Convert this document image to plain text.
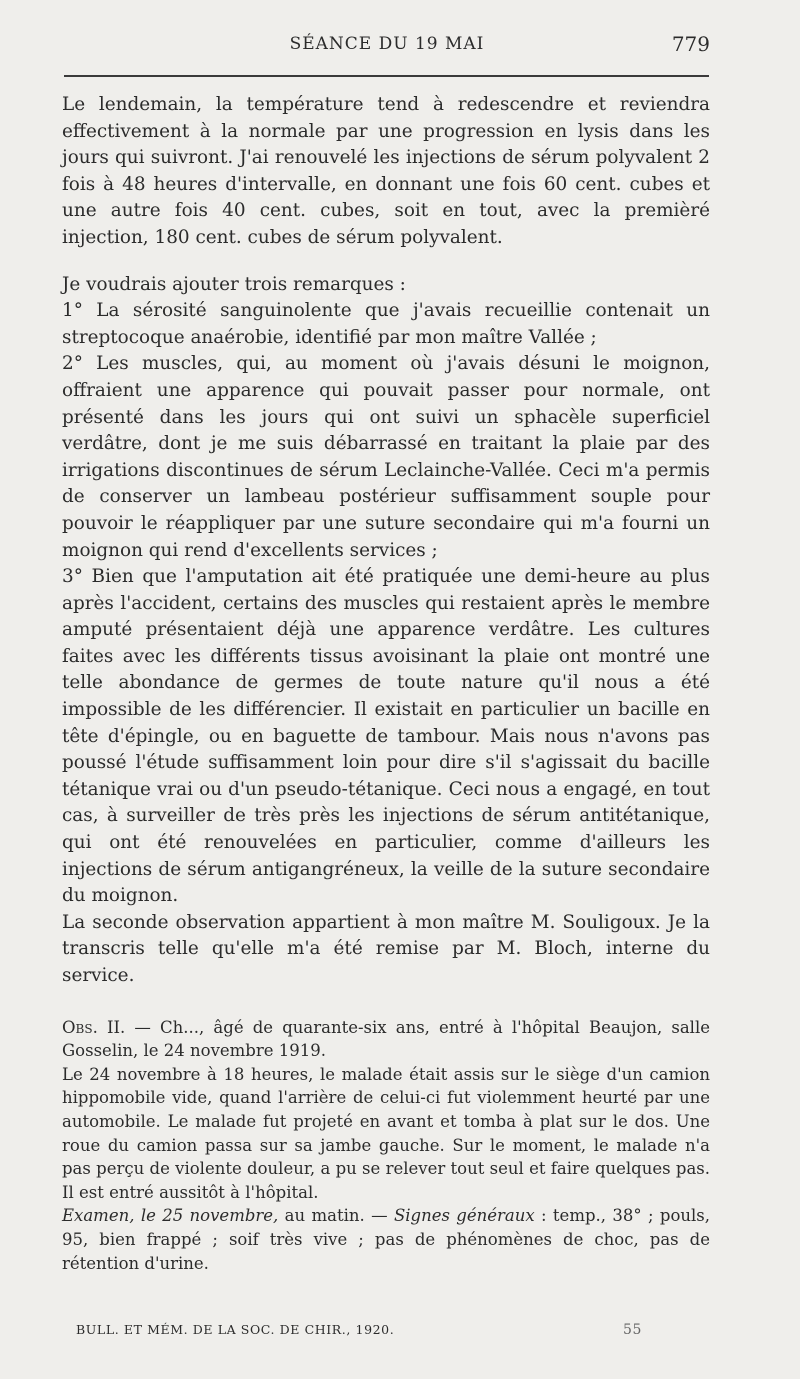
SÉANCE DU 19 MAI	779

Le lendemain, la température tend à redescendre et reviendra effectivement à la normale par une progression en lysis dans les jours qui suivront. J'ai renouvelé les injections de sérum polyvalent 2 fois à 48 heures d'intervalle, en donnant une fois 60 cent. cubes et une autre fois 40 cent. cubes, soit en tout, avec la premièré injection, 180 cent. cubes de sérum polyvalent.

Je voudrais ajouter trois remarques :

1° La sérosité sanguinolente que j'avais recueillie contenait un streptocoque anaérobie, identifié par mon maître Vallée ;

2° Les muscles, qui, au moment où j'avais désuni le moignon, offraient une apparence qui pouvait passer pour normale, ont présenté dans les jours qui ont suivi un sphacèle superficiel verdâtre, dont je me suis débarrassé en traitant la plaie par des irrigations discontinues de sérum Leclainche-Vallée. Ceci m'a permis de conserver un lambeau postérieur suffisamment souple pour pouvoir le réappliquer par une suture secondaire qui m'a fourni un moignon qui rend d'excellents services ;

3° Bien que l'amputation ait été pratiquée une demi-heure au plus après l'accident, certains des muscles qui restaient après le membre amputé présentaient déjà une apparence verdâtre. Les cultures faites avec les différents tissus avoisinant la plaie ont montré une telle abondance de germes de toute nature qu'il nous a été impossible de les différencier. Il existait en particulier un bacille en tête d'épingle, ou en baguette de tambour. Mais nous n'avons pas poussé l'étude suffisamment loin pour dire s'il s'agissait du bacille tétanique vrai ou d'un pseudo-tétanique. Ceci nous a engagé, en tout cas, à surveiller de très près les injections de sérum antitétanique, qui ont été renouvelées en particulier, comme d'ailleurs les injections de sérum antigangréneux, la veille de la suture secondaire du moignon.

La seconde observation appartient à mon maître M. Souligoux. Je la transcris telle qu'elle m'a été remise par M. Bloch, interne du service.

Obs. II. — Ch..., âgé de quarante-six ans, entré à l'hôpital Beaujon, salle Gosselin, le 24 novembre 1919.

Le 24 novembre à 18 heures, le malade était assis sur le siège d'un camion hippomobile vide, quand l'arrière de celui-ci fut violemment heurté par une automobile. Le malade fut projeté en avant et tomba à plat sur le dos. Une roue du camion passa sur sa jambe gauche. Sur le moment, le malade n'a pas perçu de violente douleur, a pu se relever tout seul et faire quelques pas. Il est entré aussitôt à l'hôpital.

Examen, le 25 novembre, au matin. — Signes généraux : temp., 38° ; pouls, 95, bien frappé ; soif très vive ; pas de phénomènes de choc, pas de rétention d'urine.

BULL. ET MÉM. DE LA SOC. DE CHIR., 1920.	55
